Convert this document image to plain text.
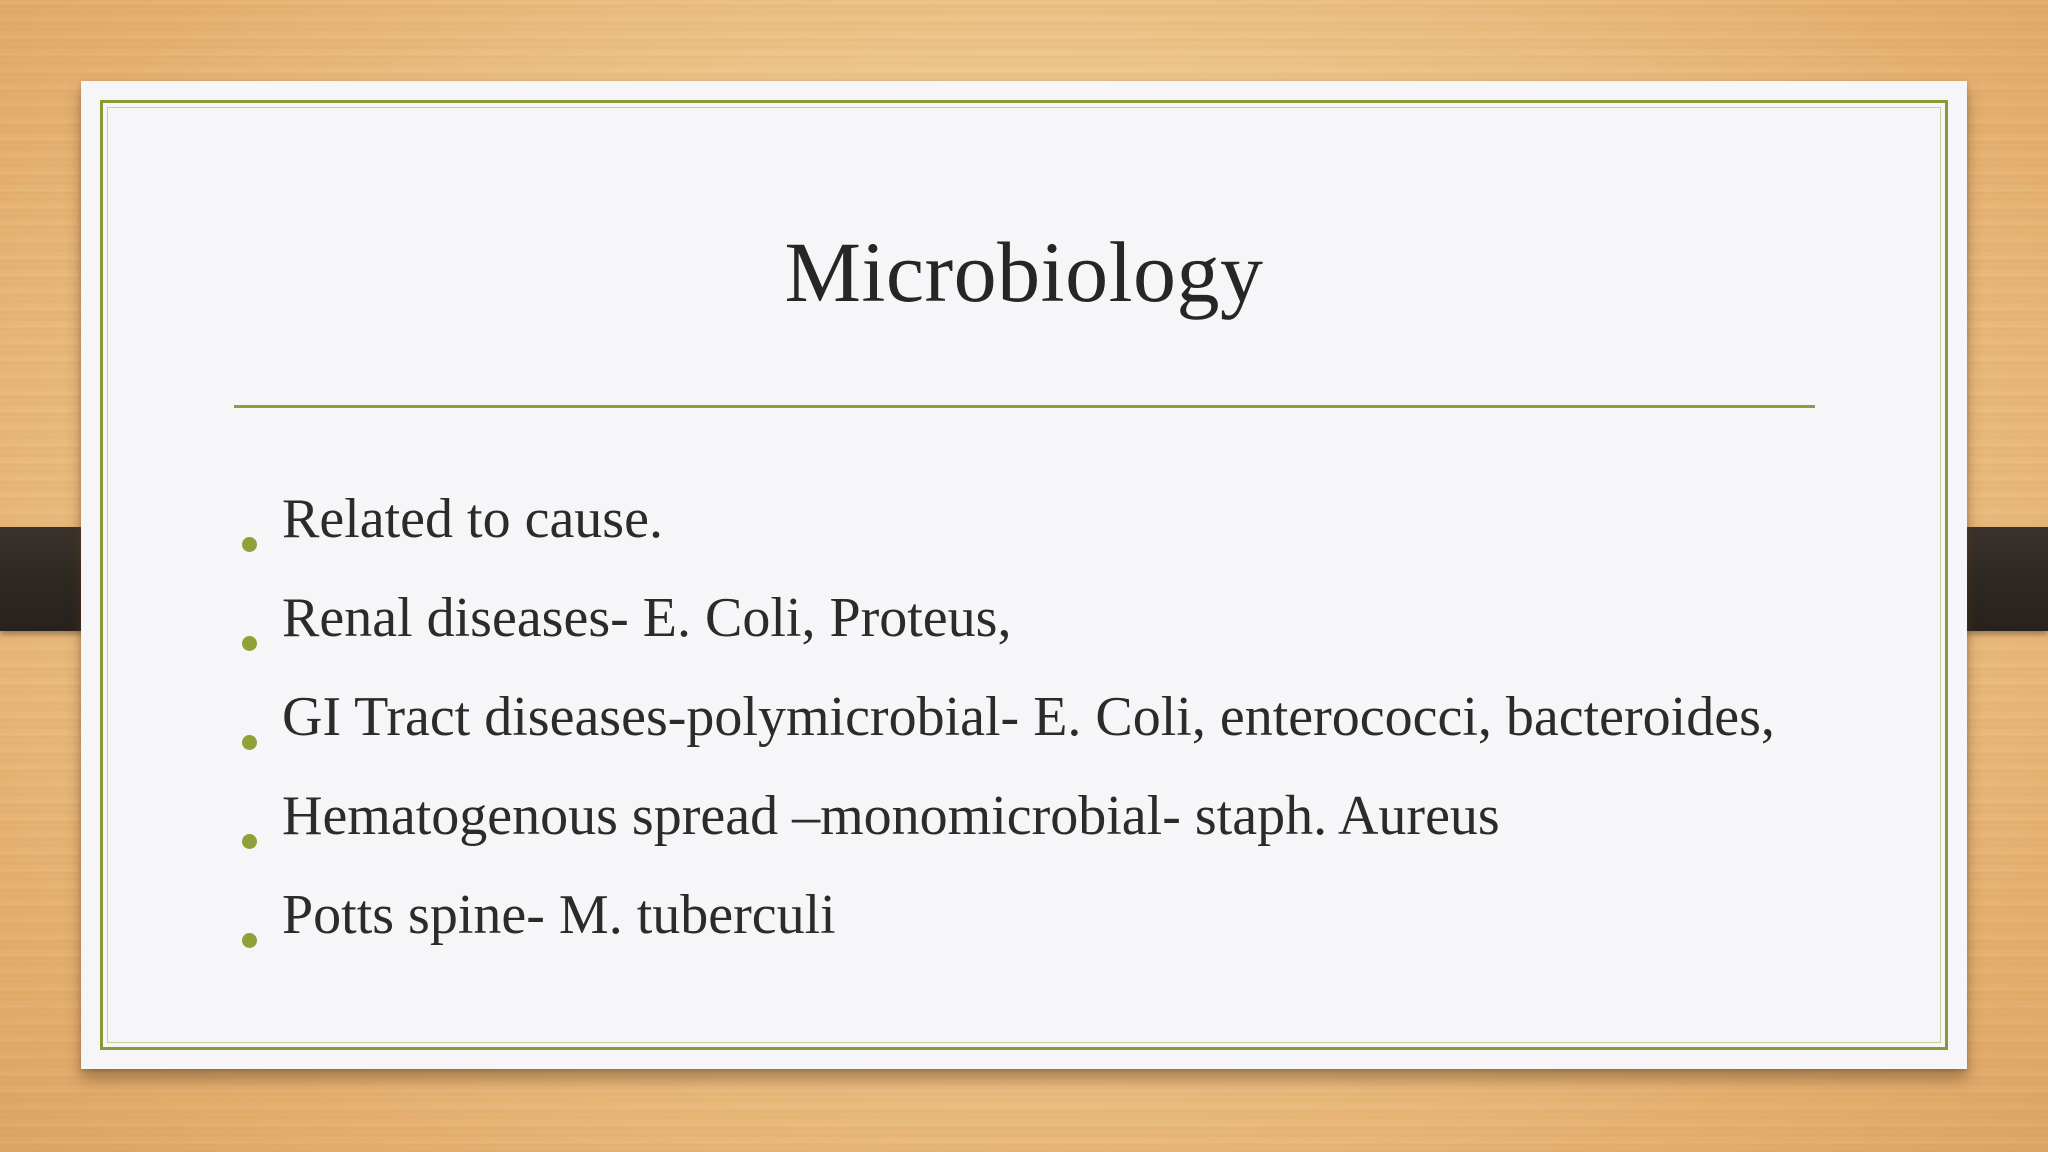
Microbiology
Related to cause.
Renal diseases- E. Coli, Proteus,
GI Tract diseases-polymicrobial- E. Coli, enterococci, bacteroides,
Hematogenous spread –monomicrobial- staph. Aureus
Potts spine- M. tuberculi
